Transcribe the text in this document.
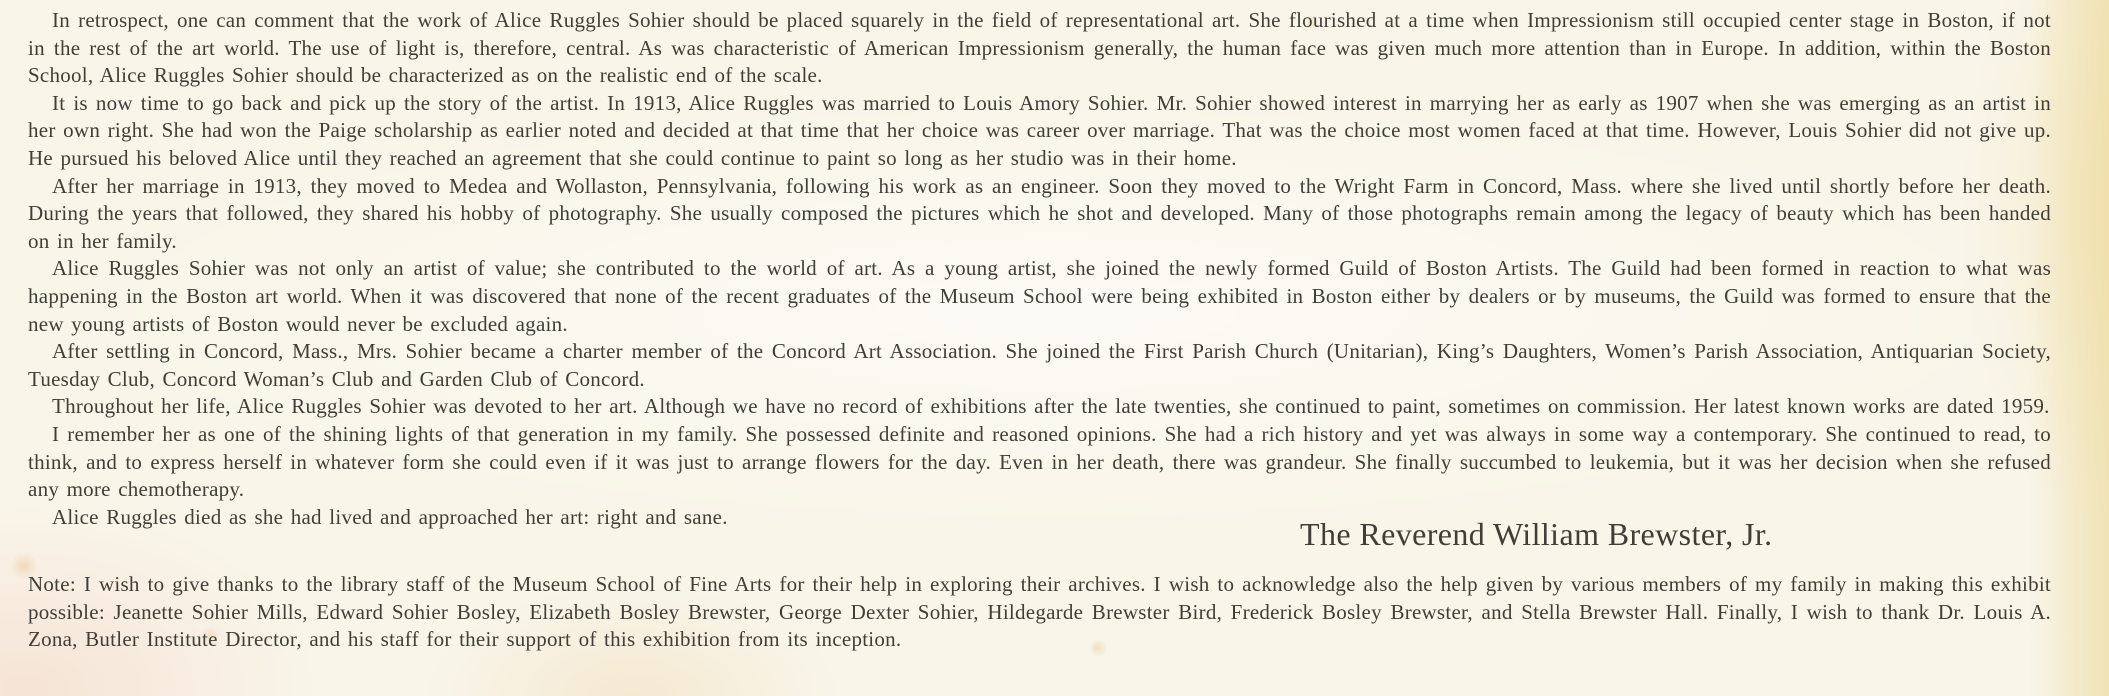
In retrospect, one can comment that the work of Alice Ruggles Sohier should be placed squarely in the field of representational art. She flourished at a time when Impressionism still occupied center stage in Boston, if not in the rest of the art world. The use of light is, therefore, central. As was characteristic of American Impressionism generally, the human face was given much more attention than in Europe. In addition, within the Boston School, Alice Ruggles Sohier should be characterized as on the realistic end of the scale.

It is now time to go back and pick up the story of the artist. In 1913, Alice Ruggles was married to Louis Amory Sohier. Mr. Sohier showed interest in marrying her as early as 1907 when she was emerging as an artist in her own right. She had won the Paige scholarship as earlier noted and decided at that time that her choice was career over marriage. That was the choice most women faced at that time. However, Louis Sohier did not give up. He pursued his beloved Alice until they reached an agreement that she could continue to paint so long as her studio was in their home.

After her marriage in 1913, they moved to Medea and Wollaston, Pennsylvania, following his work as an engineer. Soon they moved to the Wright Farm in Concord, Mass. where she lived until shortly before her death. During the years that followed, they shared his hobby of photography. She usually composed the pictures which he shot and developed. Many of those photographs remain among the legacy of beauty which has been handed on in her family.

Alice Ruggles Sohier was not only an artist of value; she contributed to the world of art. As a young artist, she joined the newly formed Guild of Boston Artists. The Guild had been formed in reaction to what was happening in the Boston art world. When it was discovered that none of the recent graduates of the Museum School were being exhibited in Boston either by dealers or by museums, the Guild was formed to ensure that the new young artists of Boston would never be excluded again.

After settling in Concord, Mass., Mrs. Sohier became a charter member of the Concord Art Association. She joined the First Parish Church (Unitarian), King’s Daughters, Women’s Parish Association, Antiquarian Society, Tuesday Club, Concord Woman’s Club and Garden Club of Concord.

Throughout her life, Alice Ruggles Sohier was devoted to her art. Although we have no record of exhibitions after the late twenties, she continued to paint, sometimes on commission. Her latest known works are dated 1959.

I remember her as one of the shining lights of that generation in my family. She possessed definite and reasoned opinions. She had a rich history and yet was always in some way a contemporary. She continued to read, to think, and to express herself in whatever form she could even if it was just to arrange flowers for the day. Even in her death, there was grandeur. She finally succumbed to leukemia, but it was her decision when she refused any more chemotherapy.

Alice Ruggles died as she had lived and approached her art: right and sane.	The Reverend William Brewster, Jr.

Note: I wish to give thanks to the library staff of the Museum School of Fine Arts for their help in exploring their archives. I wish to acknowledge also the help given by various members of my family in making this exhibit possible: Jeanette Sohier Mills, Edward Sohier Bosley, Elizabeth Bosley Brewster, George Dexter Sohier, Hildegarde Brewster Bird, Frederick Bosley Brewster, and Stella Brewster Hall. Finally, I wish to thank Dr. Louis A. Zona, Butler Institute Director, and his staff for their support of this exhibition from its inception.
